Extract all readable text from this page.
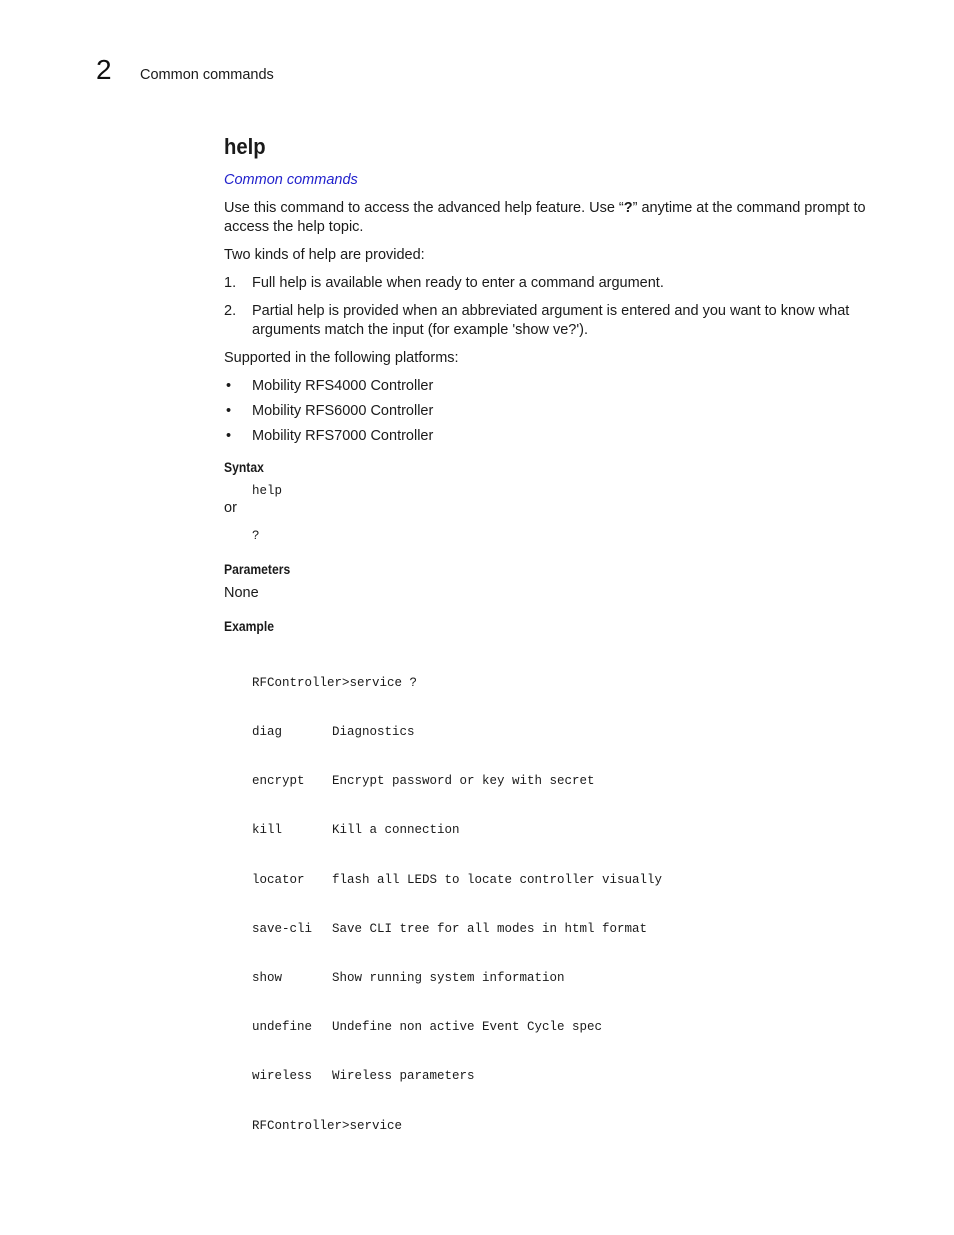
2 Common commands
help
Common commands

Use this command to access the advanced help feature. Use “?” anytime at the command prompt to access the help topic.

Two kinds of help are provided:

1. Full help is available when ready to enter a command argument.
2. Partial help is provided when an abbreviated argument is entered and you want to know what arguments match the input (for example 'show ve?').

Supported in the following platforms:

• Mobility RFS4000 Controller
• Mobility RFS6000 Controller
• Mobility RFS7000 Controller
Syntax
help
or
?
Parameters
None
Example

RFController>service ?

diag	Diagnostics

encrypt	Encrypt password or key with secret

kill	Kill a connection

locator	flash all LEDS to locate controller visually

save-cli	Save CLI tree for all modes in html format

show	Show running system information

undefine	Undefine non active Event Cycle spec

wireless	Wireless parameters

RFController>service
